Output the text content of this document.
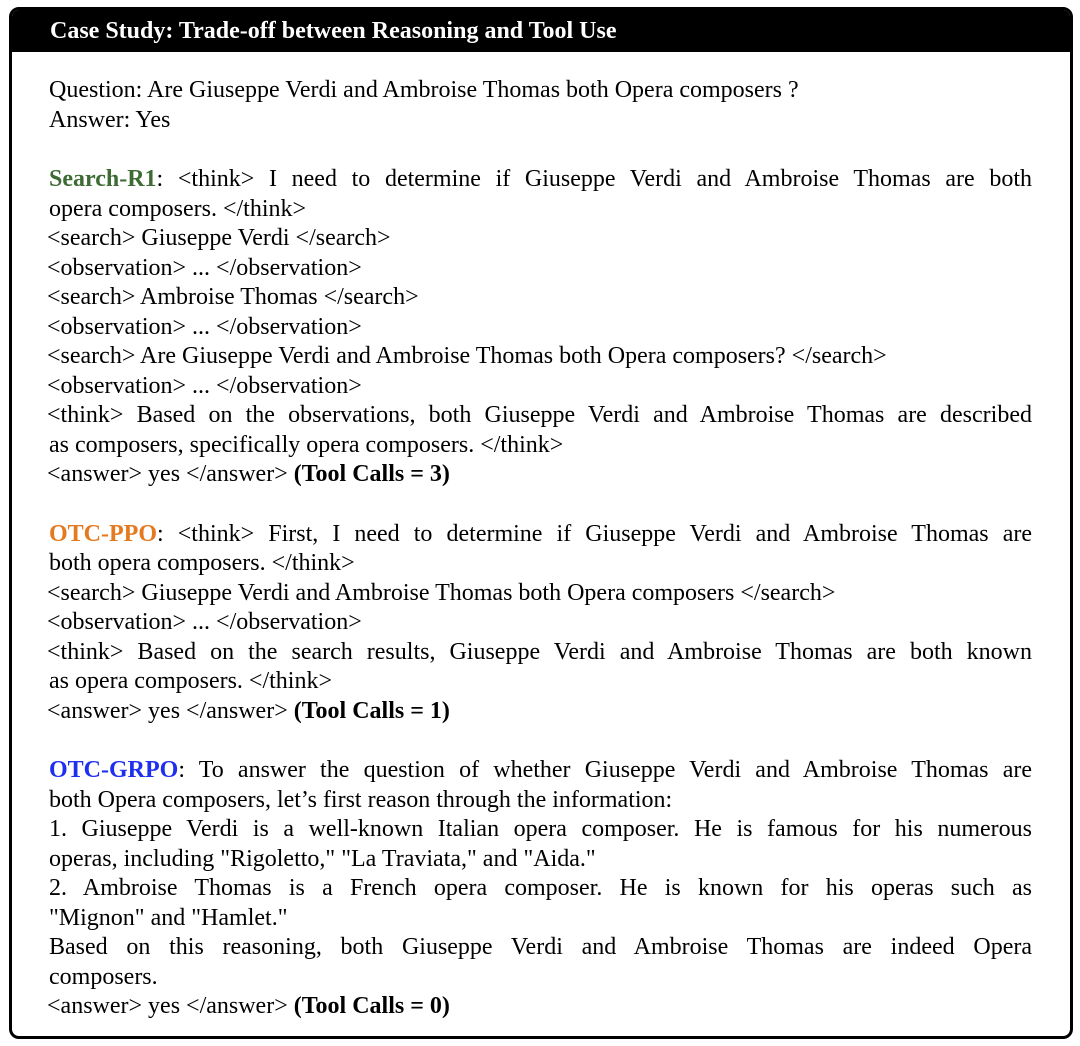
Case Study: Trade-off between Reasoning and Tool Use
Question: Are Giuseppe Verdi and Ambroise Thomas both Opera composers ?
Answer: Yes
Search-R1: <think> I need to determine if Giuseppe Verdi and Ambroise Thomas are both
opera composers. </think>
<search> Giuseppe Verdi </search>
<observation> ... </observation>
<search> Ambroise Thomas </search>
<observation> ... </observation>
<search> Are Giuseppe Verdi and Ambroise Thomas both Opera composers? </search>
<observation> ... </observation>
<think> Based on the observations, both Giuseppe Verdi and Ambroise Thomas are described
as composers, specifically opera composers. </think>
<answer> yes </answer> (Tool Calls = 3)
OTC-PPO: <think> First, I need to determine if Giuseppe Verdi and Ambroise Thomas are
both opera composers. </think>
<search> Giuseppe Verdi and Ambroise Thomas both Opera composers </search>
<observation> ... </observation>
<think> Based on the search results, Giuseppe Verdi and Ambroise Thomas are both known
as opera composers. </think>
<answer> yes </answer> (Tool Calls = 1)
OTC-GRPO: To answer the question of whether Giuseppe Verdi and Ambroise Thomas are
both Opera composers, let’s first reason through the information:
1. Giuseppe Verdi is a well-known Italian opera composer. He is famous for his numerous
operas, including "Rigoletto," "La Traviata," and "Aida."
2. Ambroise Thomas is a French opera composer. He is known for his operas such as
"Mignon" and "Hamlet."
Based on this reasoning, both Giuseppe Verdi and Ambroise Thomas are indeed Opera
composers.
<answer> yes </answer> (Tool Calls = 0)
